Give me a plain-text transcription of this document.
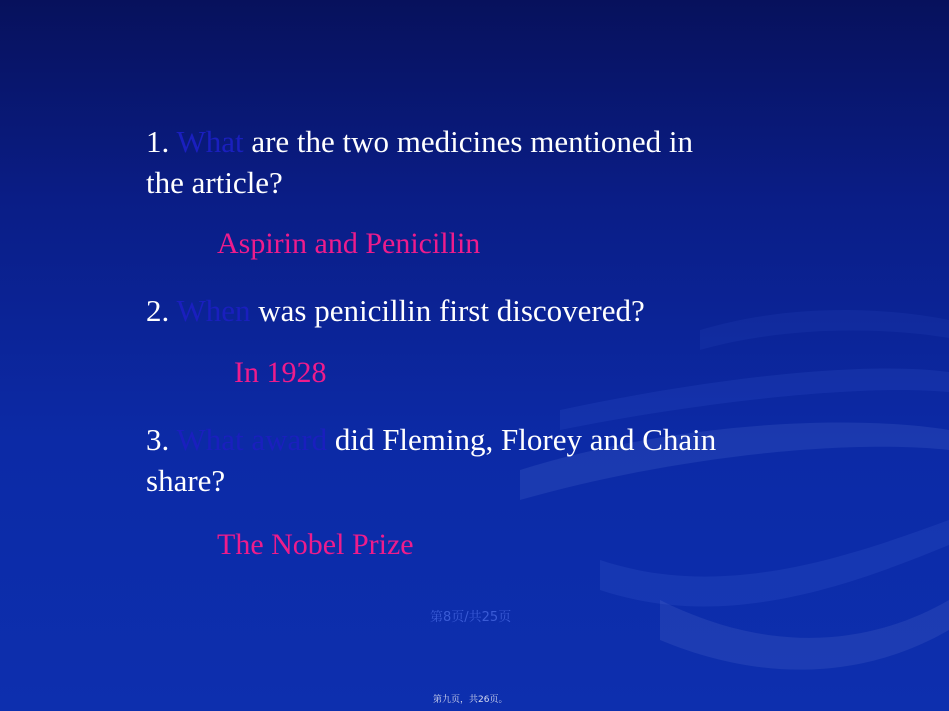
1. What are the two medicines mentioned in
the article?

Aspirin and Penicillin

2. When was penicillin first discovered?

In 1928

3. What award did Fleming, Florey and Chain
share?

The Nobel Prize

第8页/共25页
第九页，共26页。
